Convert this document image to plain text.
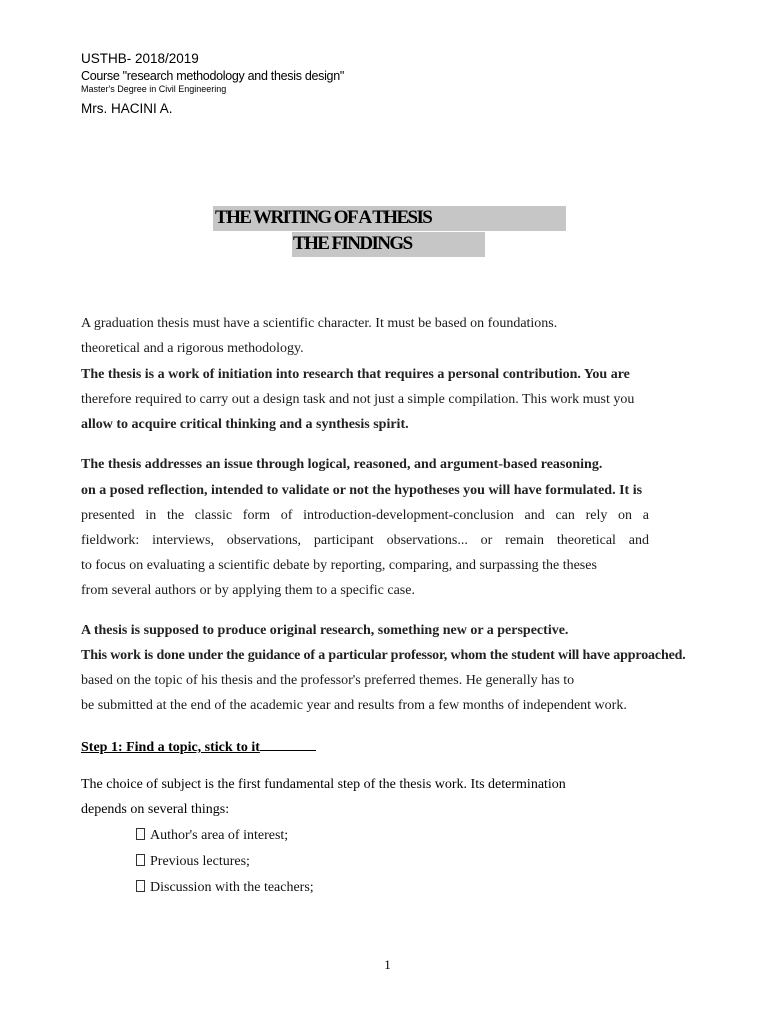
USTHB- 2018/2019
Course "research methodology and thesis design"
Master's Degree in Civil Engineering
Mrs. HACINI A.
THE WRITING OF A THESIS
THE FINDINGS
A graduation thesis must have a scientific character. It must be based on foundations.
theoretical and a rigorous methodology.
The thesis is a work of initiation into research that requires a personal contribution. You are
therefore required to carry out a design task and not just a simple compilation. This work must you
allow to acquire critical thinking and a synthesis spirit.
The thesis addresses an issue through logical, reasoned, and argument-based reasoning.
on a posed reflection, intended to validate or not the hypotheses you will have formulated. It is
presented in the classic form of introduction-development-conclusion and can rely on a
fieldwork: interviews, observations, participant observations... or remain theoretical and
to focus on evaluating a scientific debate by reporting, comparing, and surpassing the theses
from several authors or by applying them to a specific case.
A thesis is supposed to produce original research, something new or a perspective.
This work is done under the guidance of a particular professor, whom the student will have approached.
based on the topic of his thesis and the professor's preferred themes. He generally has to
be submitted at the end of the academic year and results from a few months of independent work.
Step 1: Find a topic, stick to it
The choice of subject is the first fundamental step of the thesis work. Its determination
depends on several things:
Author's area of interest;
Previous lectures;
Discussion with the teachers;
1
